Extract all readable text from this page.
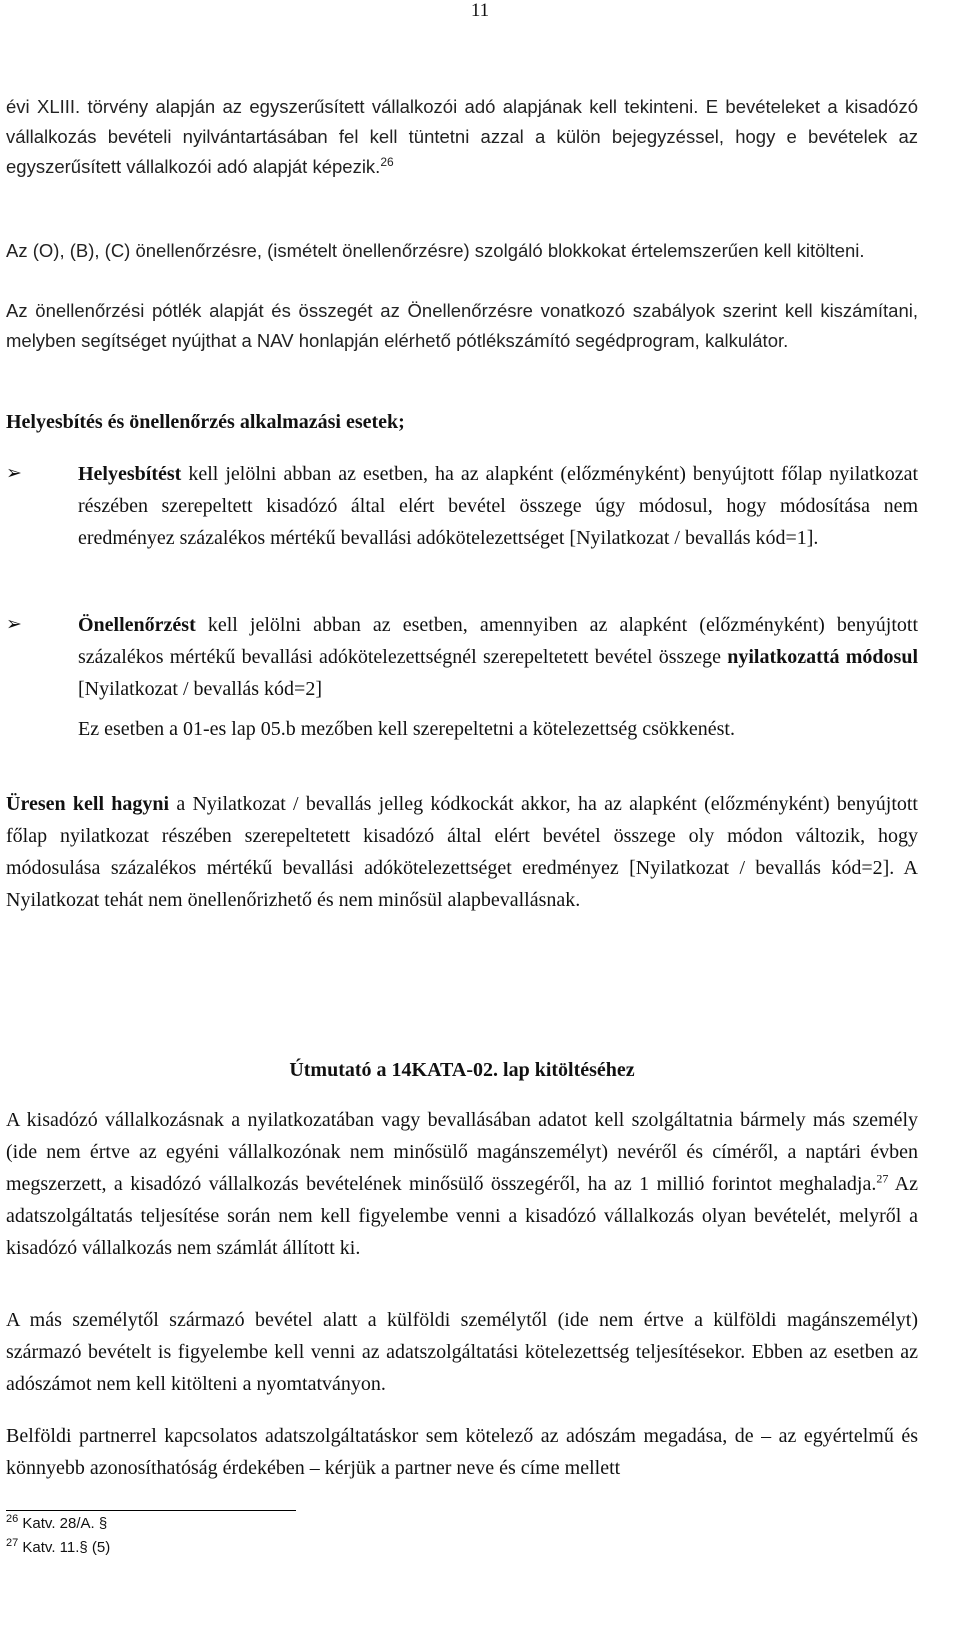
11
évi XLIII. törvény alapján az egyszerűsített vállalkozói adó alapjának kell tekinteni. E bevételeket a kisadózó vállalkozás bevételi nyilvántartásában fel kell tüntetni azzal a külön bejegyzéssel, hogy e bevételek az egyszerűsített vállalkozói adó alapját képezik.$^{26}$
Az (O), (B), (C) önellenőrzésre, (ismételt önellenőrzésre) szolgáló blokkokat értelemszerűen kell kitölteni.
Az önellenőrzési pótlék alapját és összegét az Önellenőrzésre vonatkozó szabályok szerint kell kiszámítani, melyben segítséget nyújthat a NAV honlapján elérhető pótlékszámító segédprogram, kalkulátor.
Helyesbítés és önellenőrzés alkalmazási esetek;
➢	Helyesbítést kell jelölni abban az esetben, ha az alapként (előzményként) benyújtott főlap nyilatkozat részében szerepeltett kisadózó által elért bevétel összege úgy módosul, hogy módosítása nem eredményez százalékos mértékű bevallási adókötelezettséget [Nyilatkozat / bevallás kód=1].
➢	Önellenőrzést kell jelölni abban az esetben, amennyiben az alapként (előzményként) benyújtott százalékos mértékű bevallási adókötelezettségnél szerepeltetett bevétel összege nyilatkozattá módosul [Nyilatkozat / bevallás kód=2]
Ez esetben a 01-es lap 05.b mezőben kell szerepeltetni a kötelezettség csökkenést.
Üresen kell hagyni a Nyilatkozat / bevallás jelleg kódkockát akkor, ha az alapként (előzményként) benyújtott főlap nyilatkozat részében szerepeltetett kisadózó által elért bevétel összege oly módon változik, hogy módosulása százalékos mértékű bevallási adókötelezettséget eredményez [Nyilatkozat / bevallás kód=2]. A Nyilatkozat tehát nem önellenőrizhető és nem minősül alapbevallásnak.
Útmutató a 14KATA-02. lap kitöltéséhez
A kisadózó vállalkozásnak a nyilatkozatában vagy bevallásában adatot kell szolgáltatnia bármely más személy (ide nem értve az egyéni vállalkozónak nem minősülő magánszemélyt) nevéről és címéről, a naptári évben megszerzett, a kisadózó vállalkozás bevételének minősülő összegéről, ha az 1 millió forintot meghaladja.$^{27}$ Az adatszolgáltatás teljesítése során nem kell figyelembe venni a kisadózó vállalkozás olyan bevételét, melyről a kisadózó vállalkozás nem számlát állított ki.
A más személytől származó bevétel alatt a külföldi személytől (ide nem értve a külföldi magánszemélyt) származó bevételt is figyelembe kell venni az adatszolgáltatási kötelezettség teljesítésekor. Ebben az esetben az adószámot nem kell kitölteni a nyomtatványon.
Belföldi partnerrel kapcsolatos adatszolgáltatáskor sem kötelező az adószám megadása, de – az egyértelmű és könnyebb azonosíthatóság érdekében – kérjük a partner neve és címe mellett
$^{26}$ Katv. 28/A. §
$^{27}$ Katv. 11.§ (5)
